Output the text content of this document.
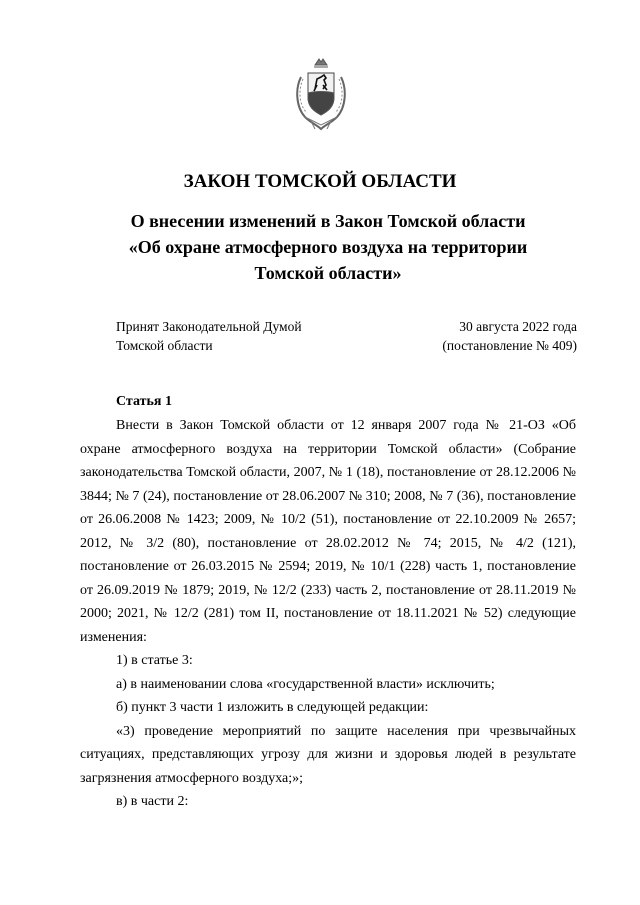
ЗАКОН ТОМСКОЙ ОБЛАСТИ
О внесении изменений в Закон Томской области
«Об охране атмосферного воздуха на территории
Томской области»
Принят Законодательной Думой
Томской области
30 августа 2022 года
(постановление № 409)
Статья 1

Внести в Закон Томской области от 12 января 2007 года № 21-ОЗ «Об охране атмосферного воздуха на территории Томской области» (Собрание законодательства Томской области, 2007, № 1 (18), постановление от 28.12.2006 № 3844; № 7 (24), постановление от 28.06.2007 № 310; 2008, № 7 (36), постановление от 26.06.2008 № 1423; 2009, № 10/2 (51), постановление от 22.10.2009 № 2657; 2012, № 3/2 (80), постановление от 28.02.2012 № 74; 2015, № 4/2 (121), постановление от 26.03.2015 № 2594; 2019, № 10/1 (228) часть 1, постановление от 26.09.2019 № 1879; 2019, № 12/2 (233) часть 2, постановление от 28.11.2019 № 2000; 2021, № 12/2 (281) том II, постановление от 18.11.2021 № 52) следующие изменения:

1) в статье 3:

а) в наименовании слова «государственной власти» исключить;

б) пункт 3 части 1 изложить в следующей редакции:

«3) проведение мероприятий по защите населения при чрезвычайных ситуациях, представляющих угрозу для жизни и здоровья людей в результате загрязнения атмосферного воздуха;»;

в) в части 2:
